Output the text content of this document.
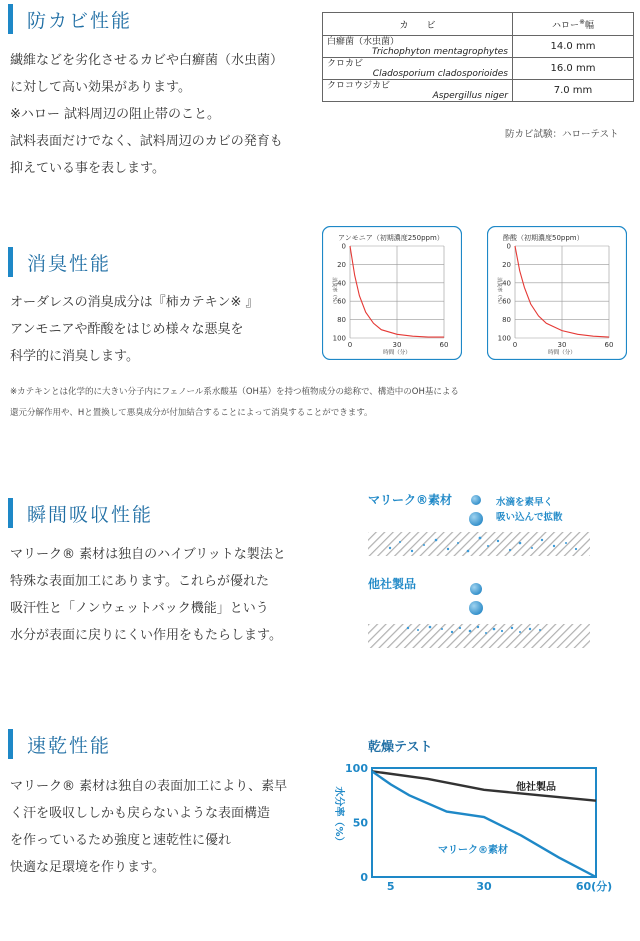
防カビ性能
繊維などを劣化させるカビや白癬菌（水虫菌）
に対して高い効果があります。
※ハロー 試料周辺の阻止帯のこと。
試料表面だけでなく、試料周辺のカビの発育も
抑えている事を表します。
カ　　ビ	ハロー※幅
白癬菌（水虫菌）
Trichophyton mentagrophytes	14.0 mm
クロカビ
Cladosporium cladosporioides	16.0 mm
クロコウジカビ
Aspergillus niger	7.0 mm
防カビ試験：ハローテスト
消臭性能
オーダレスの消臭成分は『柿カテキン※ 』
アンモニアや酢酸をはじめ様々な悪臭を
科学的に消臭します。
アンモニア（初期濃度250ppm）
0
20
40
60
80
100
0	30	60
時間（分）
消臭率（%）
酢酸（初期濃度50ppm）
0
20
40
60
80
100
0	30	60
時間（分）
消臭率（%）
※カテキンとは化学的に大きい分子内にフェノール系水酸基（OH基）を持つ植物成分の総称で、構造中のOH基による
還元分解作用や、Hと置換して悪臭成分が付加結合することによって消臭することができます。
瞬間吸収性能
マリーク® 素材は独自のハイブリットな製法と
特殊な表面加工にあります。これらが優れた
吸汗性と「ノンウェットバック機能」という
水分が表面に戻りにくい作用をもたらします。
マリーク®素材	水滴を素早く
吸い込んで拡散
他社製品
速乾性能
マリーク® 素材は独自の表面加工により、素早
く汗を吸収ししかも戻らないような表面構造
を作っているため強度と速乾性に優れ
快適な足環境を作ります。
乾燥テスト
100
50
0
5	30	60(分)
水分率（%）	他社製品
マリーク®素材
